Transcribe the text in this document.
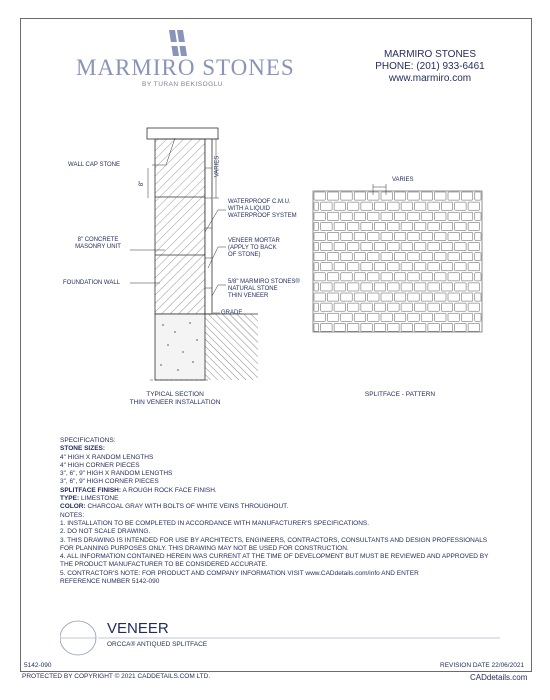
MARMIRO STONES
BY TURAN BEKISOGLU
MARMIRO STONES
PHONE: (201) 933-6461
www.marmiro.com
WALL CAP STONE
8"
VARIES
8" CONCRETE
MASONRY UNIT
FOUNDATION WALL
WATERPROOF C.M.U.
WITH A LIQUID
WATERPROOF SYSTEM
VENEER MORTAR
(APPLY TO BACK
OF STONE)
5/8" MARMIRO STONES®
NATURAL STONE
THIN VENEER
GRADE
TYPICAL SECTION
THIN VENEER INSTALLATION
VARIES
SPLITFACE - PATTERN
SPECIFICATIONS:
STONE SIZES:
4" HIGH X RANDOM LENGTHS
4" HIGH CORNER PIECES
3", 6", 9" HIGH X RANDOM LENGTHS
3", 6", 9" HIGH CORNER PIECES
SPLITFACE FINISH: A ROUGH ROCK FACE FINISH.
TYPE: LIMESTONE
COLOR: CHARCOAL GRAY WITH BOLTS OF WHITE VEINS THROUGHOUT.
NOTES:
1. INSTALLATION TO BE COMPLETED IN ACCORDANCE WITH MANUFACTURER'S SPECIFICATIONS.
2. DO NOT SCALE DRAWING.
3. THIS DRAWING IS INTENDED FOR USE BY ARCHITECTS, ENGINEERS, CONTRACTORS, CONSULTANTS AND DESIGN PROFESSIONALS
FOR PLANNING PURPOSES ONLY. THIS DRAWING MAY NOT BE USED FOR CONSTRUCTION.
4. ALL INFORMATION CONTAINED HEREIN WAS CURRENT AT THE TIME OF DEVELOPMENT BUT MUST BE REVIEWED AND APPROVED BY
THE PRODUCT MANUFACTURER TO BE CONSIDERED ACCURATE.
5. CONTRACTOR'S NOTE: FOR PRODUCT AND COMPANY INFORMATION VISIT www.CADdetails.com/info AND ENTER
REFERENCE NUMBER 5142-090
VENEER
ORCCA® ANTIQUED SPLITFACE
5142-090	REVISION DATE 22/06/2021
PROTECTED BY COPYRIGHT © 2021 CADDETAILS.COM LTD.	CADdetails.com
